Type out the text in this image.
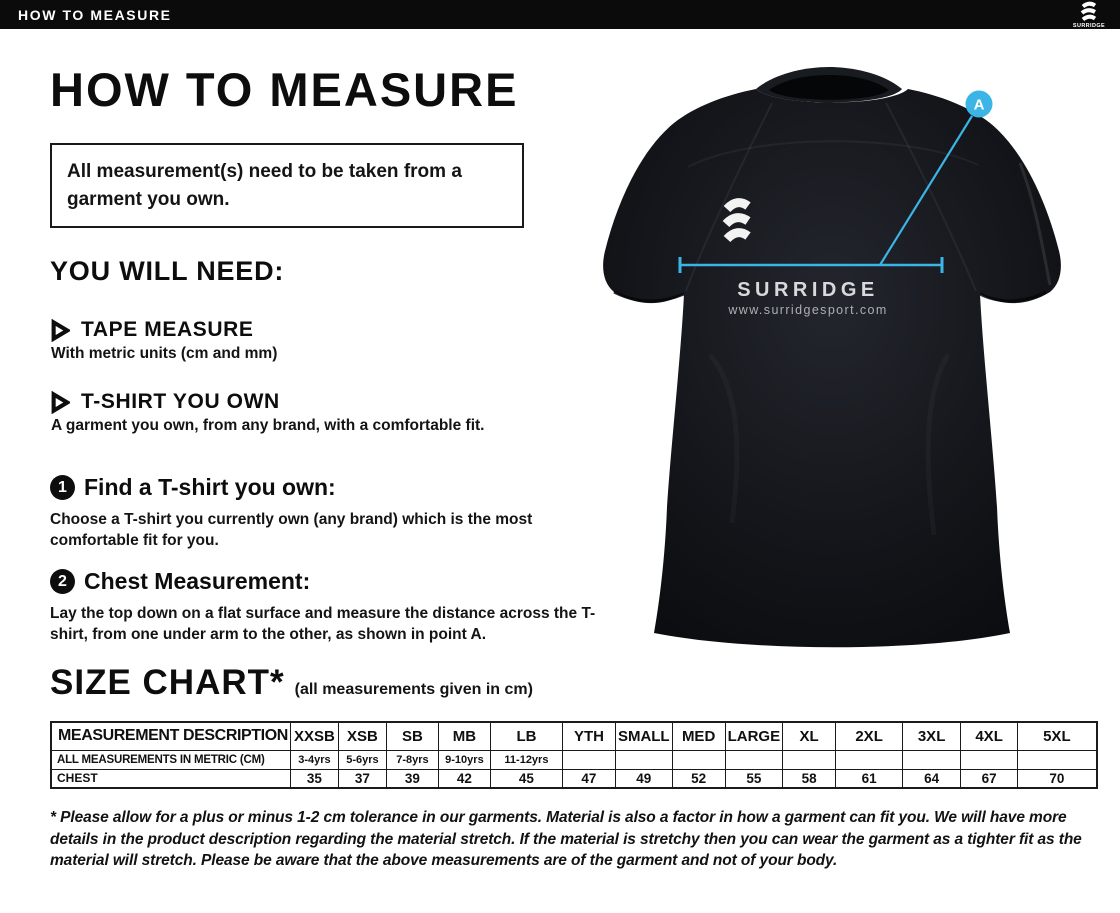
HOW TO MEASURE
SURRIDGE
HOW TO MEASURE
All measurement(s) need to be taken from a garment you own.
YOU WILL NEED:
TAPE MEASURE
With metric units (cm and mm)
T-SHIRT YOU OWN
A garment you own, from any brand, with a comfortable fit.
1 Find a T-shirt you own:
Choose a T-shirt you currently own (any brand) which is the most comfortable fit for you.
2 Chest Measurement:
Lay the top down on a flat surface and measure the distance across the T-shirt, from one under arm to the other, as shown in point A.
SIZE CHART* (all measurements given in cm)
MEASUREMENT DESCRIPTION	XXSB	XSB	SB	MB	LB	YTH	SMALL	MED	LARGE	XL	2XL	3XL	4XL	5XL
ALL MEASUREMENTS IN METRIC (CM)	3-4yrs	5-6yrs	7-8yrs	9-10yrs	11-12yrs									
CHEST	35	37	39	42	45	47	49	52	55	58	61	64	67	70
* Please allow for a plus or minus 1-2 cm tolerance in our garments. Material is also a factor in how a garment can fit you. We will have more details in the product description regarding the material stretch. If the material is stretchy then you can wear the garment as a tighter fit as the material will stretch. Please be aware that the above measurements are of the garment and not of your body.
A
SURRIDGE
www.surridgesport.com
